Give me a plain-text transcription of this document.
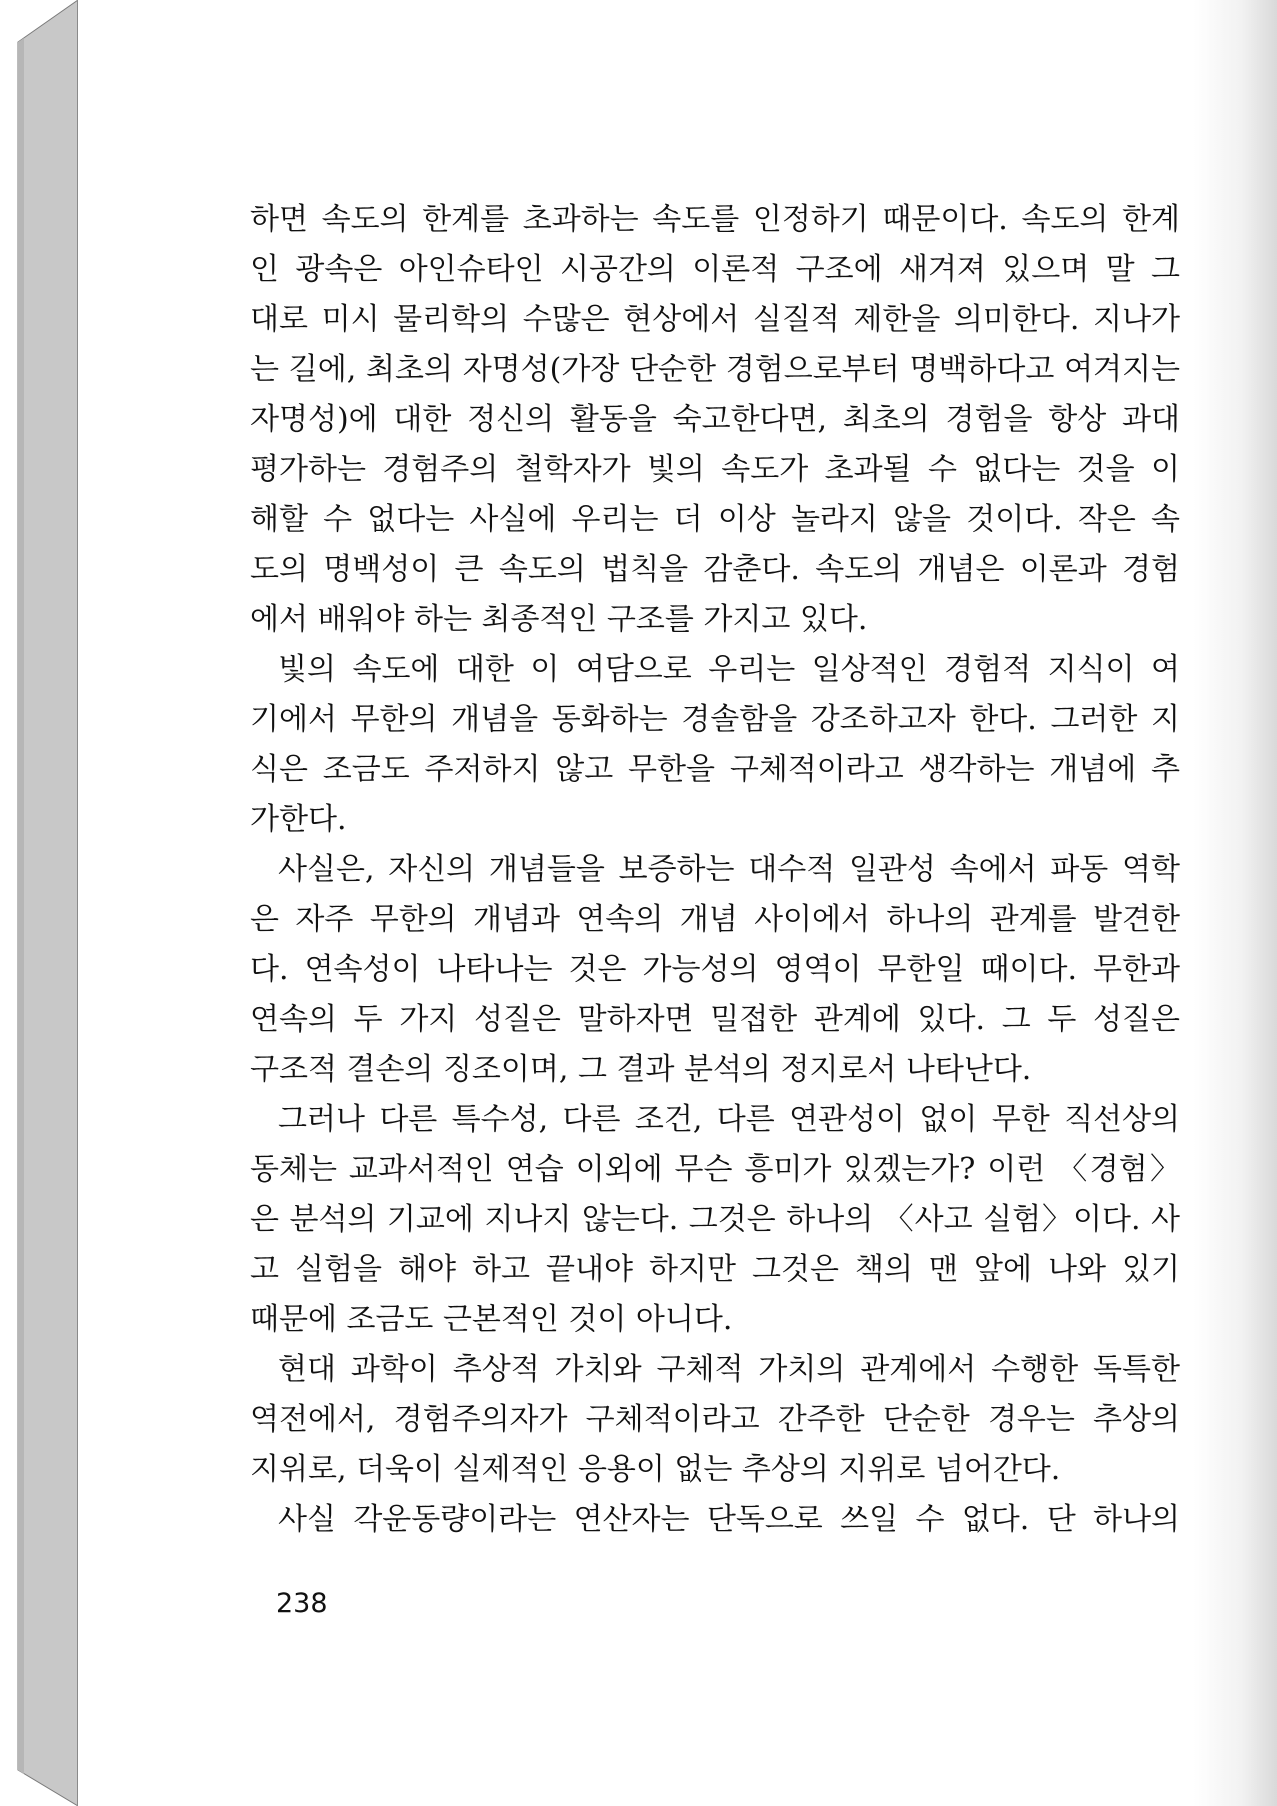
하면 속도의 한계를 초과하는 속도를 인정하기 때문이다. 속도의 한계
인 광속은 아인슈타인 시공간의 이론적 구조에 새겨져 있으며 말 그
대로 미시 물리학의 수많은 현상에서 실질적 제한을 의미한다. 지나가
는 길에, 최초의 자명성(가장 단순한 경험으로부터 명백하다고 여겨지는
자명성)에 대한 정신의 활동을 숙고한다면, 최초의 경험을 항상 과대
평가하는 경험주의 철학자가 빛의 속도가 초과될 수 없다는 것을 이
해할 수 없다는 사실에 우리는 더 이상 놀라지 않을 것이다. 작은 속
도의 명백성이 큰 속도의 법칙을 감춘다. 속도의 개념은 이론과 경험
에서 배워야 하는 최종적인 구조를 가지고 있다.
빛의 속도에 대한 이 여담으로 우리는 일상적인 경험적 지식이 여
기에서 무한의 개념을 동화하는 경솔함을 강조하고자 한다. 그러한 지
식은 조금도 주저하지 않고 무한을 구체적이라고 생각하는 개념에 추
가한다.
사실은, 자신의 개념들을 보증하는 대수적 일관성 속에서 파동 역학
은 자주 무한의 개념과 연속의 개념 사이에서 하나의 관계를 발견한
다. 연속성이 나타나는 것은 가능성의 영역이 무한일 때이다. 무한과
연속의 두 가지 성질은 말하자면 밀접한 관계에 있다. 그 두 성질은
구조적 결손의 징조이며, 그 결과 분석의 정지로서 나타난다.
그러나 다른 특수성, 다른 조건, 다른 연관성이 없이 무한 직선상의
동체는 교과서적인 연습 이외에 무슨 흥미가 있겠는가? 이런 〈경험〉
은 분석의 기교에 지나지 않는다. 그것은 하나의 〈사고 실험〉이다. 사
고 실험을 해야 하고 끝내야 하지만 그것은 책의 맨 앞에 나와 있기
때문에 조금도 근본적인 것이 아니다.
현대 과학이 추상적 가치와 구체적 가치의 관계에서 수행한 독특한
역전에서, 경험주의자가 구체적이라고 간주한 단순한 경우는 추상의
지위로, 더욱이 실제적인 응용이 없는 추상의 지위로 넘어간다.
사실 각운동량이라는 연산자는 단독으로 쓰일 수 없다. 단 하나의
238
